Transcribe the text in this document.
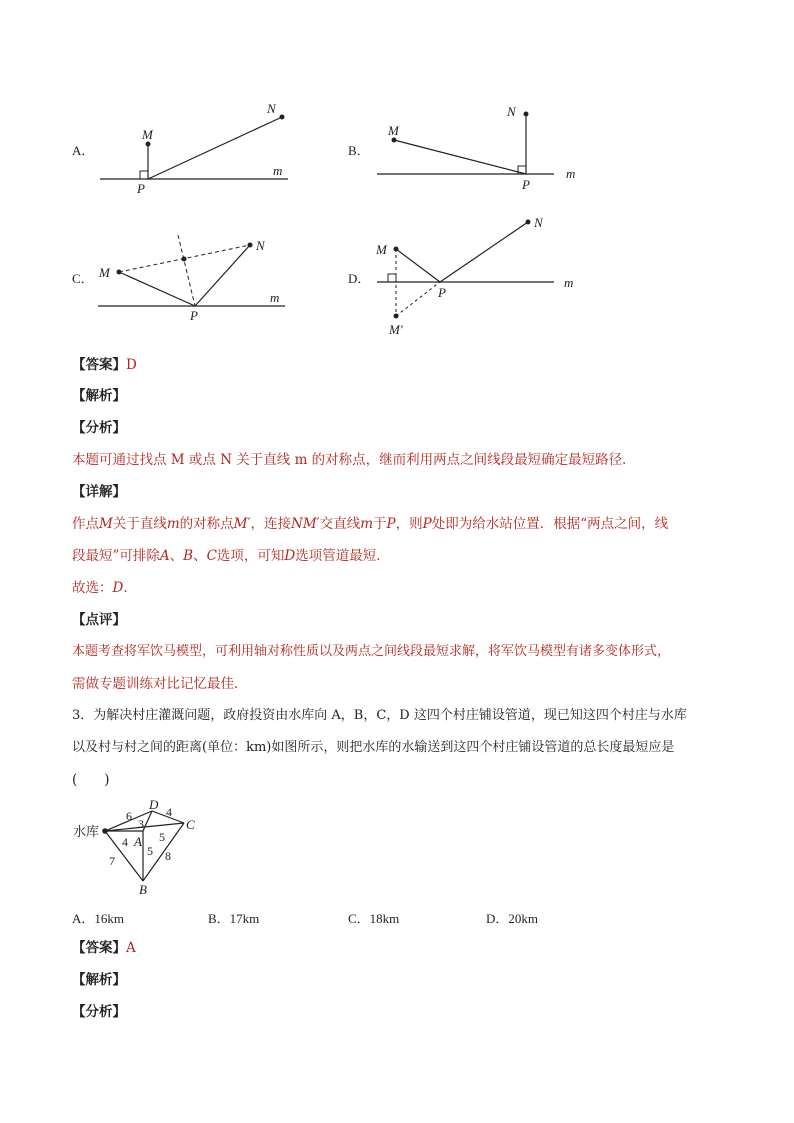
A．
M
N
P
m
B．
M
N
P
m
C． M
N
P
m
D．
M
N
P
m
M′
【答案】D
【解析】
【分析】
本题可通过找点 M 或点 N 关于直线 m 的对称点，继而利用两点之间线段最短确定最短路径．
【详解】
作点M关于直线m的对称点M′，连接NM′交直线m于P，则P处即为给水站位置．根据“两点之间，线
段最短”可排除A、B、C选项，可知D选项管道最短．
故选：D．
【点评】
本题考查将军饮马模型，可利用轴对称性质以及两点之间线段最短求解，将军饮马模型有诸多变体形式，
需做专题训练对比记忆最佳．
3．为解决村庄灌溉问题，政府投资由水库向 A，B，C，D 这四个村庄铺设管道，现已知这四个村庄与水库
以及村与村之间的距离(单位：km)如图所示，则把水库的水输送到这四个村庄铺设管道的总长度最短应是
(　　)
水库
D
C
A
B
6
3
4
4
5
5
7	8
A．16km	B．17km	C．18km	D．20km
【答案】A
【解析】
【分析】
